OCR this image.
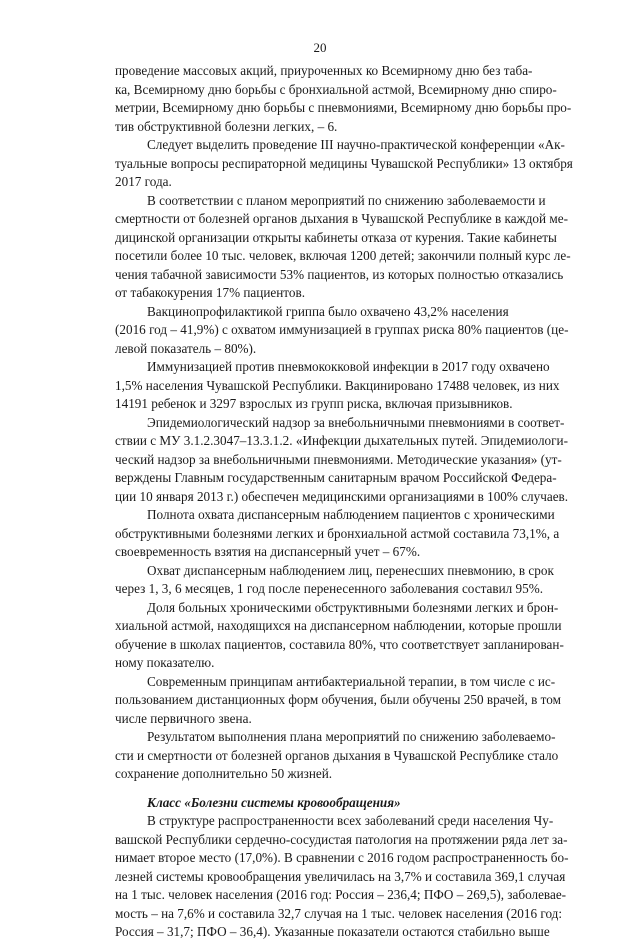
20

проведение массовых акций, приуроченных ко Всемирному дню без таба-
ка, Всемирному дню борьбы с бронхиальной астмой, Всемирному дню спиро-
метрии, Всемирному дню борьбы с пневмониями, Всемирному дню борьбы про-
тив обструктивной болезни легких, – 6.

Следует выделить проведение III научно-практической конференции «Ак-
туальные вопросы респираторной медицины Чувашской Республики» 13 октября
2017 года.

В соответствии с планом мероприятий по снижению заболеваемости и
смертности от болезней органов дыхания в Чувашской Республике в каждой ме-
дицинской организации открыты кабинеты отказа от курения. Такие кабинеты
посетили более 10 тыс. человек, включая 1200 детей; закончили полный курс ле-
чения табачной зависимости 53% пациентов, из которых полностью отказались
от табакокурения 17% пациентов.

Вакцинопрофилактикой гриппа было охвачено 43,2% населения
(2016 год – 41,9%) с охватом иммунизацией в группах риска 80% пациентов (це-
левой показатель – 80%).

Иммунизацией против пневмококковой инфекции в 2017 году охвачено
1,5% населения Чувашской Республики. Вакцинировано 17488 человек, из них
14191 ребенок и 3297 взрослых из групп риска, включая призывников.

Эпидемиологический надзор за внебольничными пневмониями в соответ-
ствии с МУ 3.1.2.3047–13.3.1.2. «Инфекции дыхательных путей. Эпидемиологи-
ческий надзор за внебольничными пневмониями. Методические указания» (ут-
верждены Главным государственным санитарным врачом Российской Федера-
ции 10 января 2013 г.) обеспечен медицинскими организациями в 100% случаев.

Полнота охвата диспансерным наблюдением пациентов с хроническими
обструктивными болезнями легких и бронхиальной астмой составила 73,1%, а
своевременность взятия на диспансерный учет – 67%.

Охват диспансерным наблюдением лиц, перенесших пневмонию, в срок
через 1, 3, 6 месяцев, 1 год после перенесенного заболевания составил 95%.

Доля больных хроническими обструктивными болезнями легких и брон-
хиальной астмой, находящихся на диспансерном наблюдении, которые прошли
обучение в школах пациентов, составила 80%, что соответствует запланирован-
ному показателю.

Современным принципам антибактериальной терапии, в том числе с ис-
пользованием дистанционных форм обучения, были обучены 250 врачей, в том
числе первичного звена.

Результатом выполнения плана мероприятий по снижению заболеваемо-
сти и смертности от болезней органов дыхания в Чувашской Республике стало
сохранение дополнительно 50 жизней.

Класс «Болезни системы кровообращения»

В структуре распространенности всех заболеваний среди населения Чу-
вашской Республики сердечно-сосудистая патология на протяжении ряда лет за-
нимает второе место (17,0%). В сравнении с 2016 годом распространенность бо-
лезней системы кровообращения увеличилась на 3,7% и составила 369,1 случая
на 1 тыс. человек населения (2016 год: Россия – 236,4; ПФО – 269,5), заболевае-
мость – на 7,6% и составила 32,7 случая на 1 тыс. человек населения (2016 год:
Россия – 31,7; ПФО – 36,4). Указанные показатели остаются стабильно выше
